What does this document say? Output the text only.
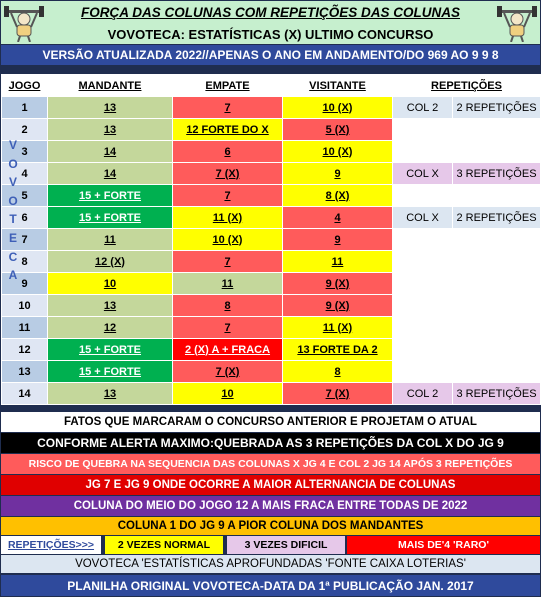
FORÇA DAS COLUNAS COM REPETIÇÕES DAS COLUNAS
VOVOTECA: ESTATÍSTICAS (X) ULTIMO CONCURSO
VERSÃO ATUALIZADA 2022//APENAS O ANO EM ANDAMENTO/DO 969 AO 9 9 8
JOGO	MANDANTE	EMPATE	VISITANTE	REPETIÇÕES	
1	13	7	10 (X)	COL 2	2 REPETIÇÕES
2	13	12 FORTE DO X	5 (X)		
3	14	6	10 (X)		
4	14	7 (X)	9	COL X	3 REPETIÇÕES
5	15 + FORTE	7	8 (X)		
6	15 + FORTE	11 (X)	4	COL X	2 REPETIÇÕES
7	11	10 (X)	9		
8	12 (X)	7	11		
9	10	11	9 (X)		
10	13	8	9 (X)		
11	12	7	11 (X)		
12	15 + FORTE	2 (X) A + FRACA	13 FORTE DA 2		
13	15 + FORTE	7 (X)	8		
14	13	10	7 (X)	COL 2	3 REPETIÇÕES
V
O
V
O
T
E
C
A
FATOS QUE MARCARAM O CONCURSO ANTERIOR E PROJETAM O ATUAL
CONFORME ALERTA MAXIMO:QUEBRADA AS 3 REPETIÇÕES DA COL X DO JG 9
RISCO DE QUEBRA NA SEQUENCIA DAS COLUNAS X JG 4 E COL 2 JG 14 APÓS 3 REPETIÇÕES
JG 7 E JG 9 ONDE OCORRE A MAIOR ALTERNANCIA DE COLUNAS
COLUNA DO MEIO DO JOGO 12 A MAIS FRACA ENTRE TODAS DE 2022
COLUNA 1 DO JG 9 A PIOR COLUNA DOS MANDANTES
REPETIÇÕES>>>	2 VEZES NORMAL	3 VEZES DIFICIL	MAIS DE'4 'RARO'
VOVOTECA 'ESTATÍSTICAS APROFUNDADAS 'FONTE CAIXA LOTERIAS'
PLANILHA ORIGINAL VOVOTECA-DATA DA 1ª PUBLICAÇÃO JAN. 2017
